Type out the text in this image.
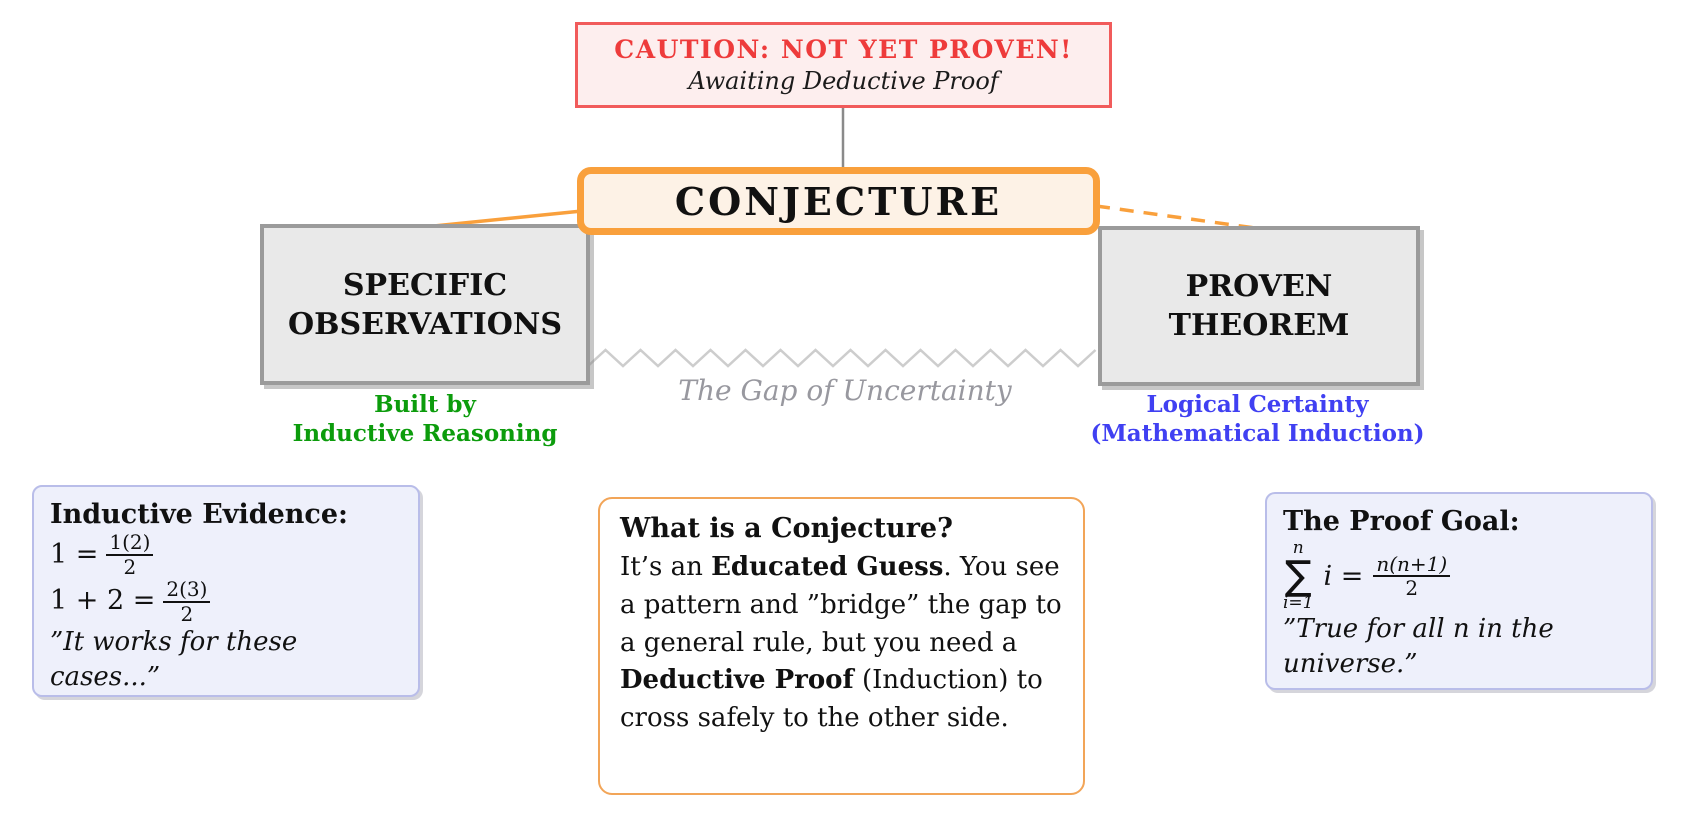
CAUTION: NOT YET PROVEN!
Awaiting Deductive Proof
CONJECTURE
SPECIFIC
OBSERVATIONS
PROVEN
THEOREM
The Gap of Uncertainty
Built by
Inductive Reasoning
Logical Certainty
(Mathematical Induction)
Inductive Evidence:
$1 = \frac{1(2)}{2}$
$1 + 2 = \frac{2(3)}{2}$
”It works for these
cases...”
What is a Conjecture?

It’s an Educated Guess. You see a pattern and ”bridge” the gap to a general rule, but you need a Deductive Proof (Induction) to cross safely to the other side.

The Proof Goal:
n
∑
i=1
$i = \frac{n(n+1)}{2}$
”True for all n in the
universe.”
